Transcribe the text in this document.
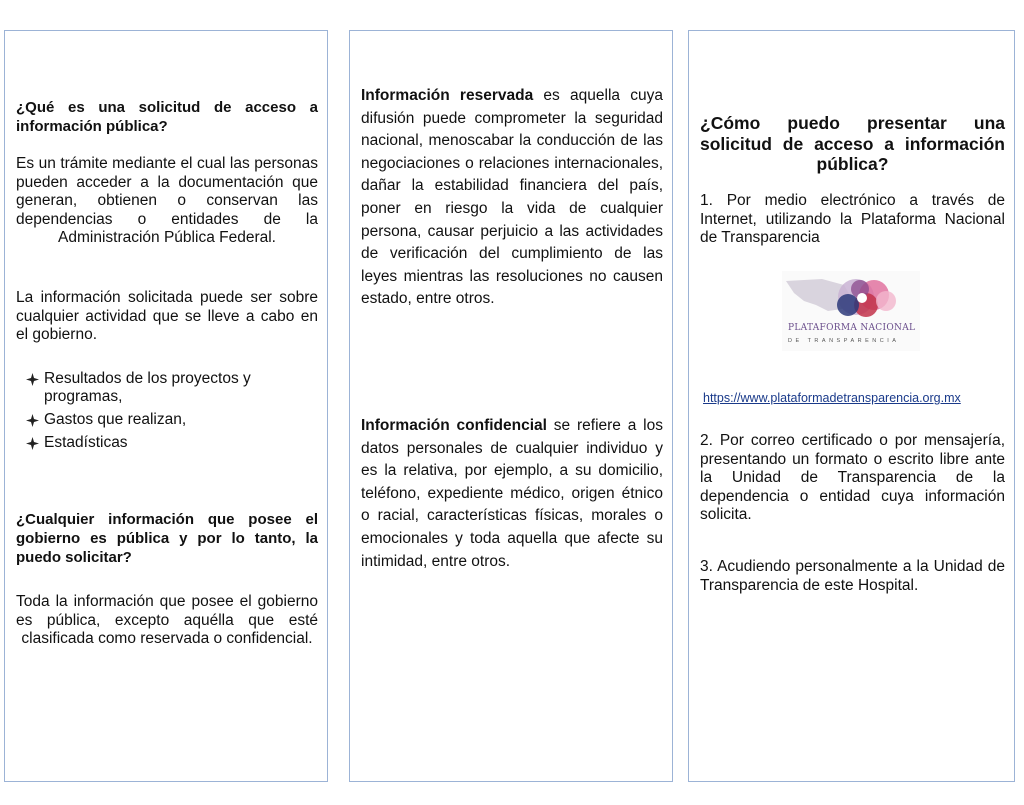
¿Qué es una solicitud de acceso a información pública?
Es un trámite mediante el cual las personas pueden acceder a la documentación que generan, obtienen o conservan las dependencias o entidades de la Administración Pública Federal.
La información solicitada puede ser sobre cualquier actividad que se lleve a cabo en el gobierno.
Resultados de los proyectos y programas,
Gastos que realizan,
Estadísticas
¿Cualquier información que posee el gobierno es pública y por lo tanto, la puedo solicitar?
Toda la información que posee el gobierno es pública, excepto aquélla que esté clasificada como reservada o confidencial.
Información reservada es aquella cuya difusión puede comprometer la seguridad nacional, menoscabar la conducción de las negociaciones o relaciones internacionales, dañar la estabilidad financiera del país, poner en riesgo la vida de cualquier persona, causar perjuicio a las actividades de verificación del cumplimiento de las leyes mientras las resoluciones no causen estado, entre otros.
Información confidencial se refiere a los datos personales de cualquier individuo y es la relativa, por ejemplo, a su domicilio, teléfono, expediente médico, origen étnico o racial, características físicas, morales o emocionales y toda aquella que afecte su intimidad, entre otros.
¿Cómo puedo presentar una solicitud de acceso a información pública?
1. Por medio electrónico a través de Internet, utilizando la Plataforma Nacional de Transparencia
PLATAFORMA NACIONAL
DE TRANSPARENCIA
https://www.plataformadetransparencia.org.mx
2. Por correo certificado o por mensajería, presentando un formato o escrito libre ante la Unidad de Transparencia de la dependencia o entidad cuya información solicita.
3. Acudiendo personalmente a la Unidad de Transparencia de este Hospital.
